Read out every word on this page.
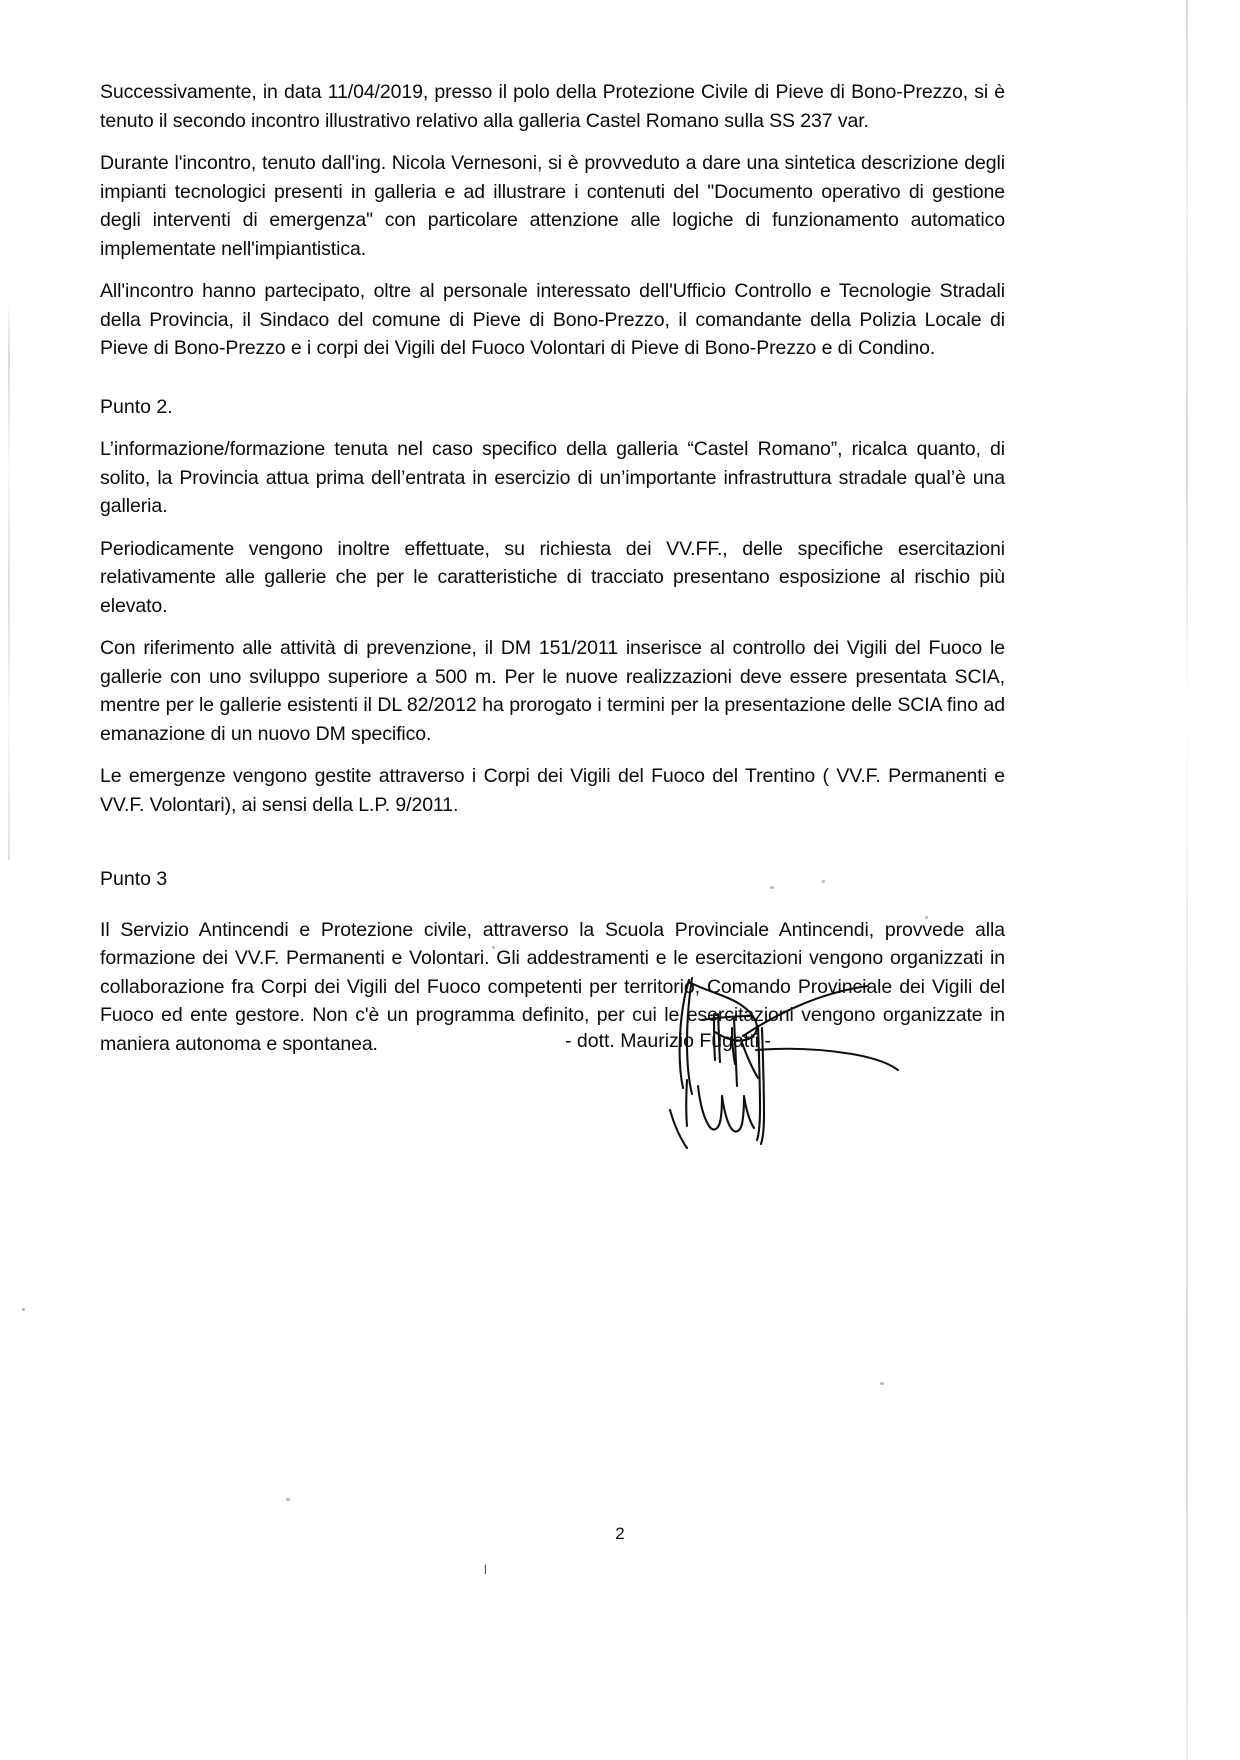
Successivamente, in data 11/04/2019, presso il polo della Protezione Civile di Pieve di Bono-Prezzo, si è tenuto il secondo incontro illustrativo relativo alla galleria Castel Romano sulla SS 237 var.

Durante l'incontro, tenuto dall'ing. Nicola Vernesoni, si è provveduto a dare una sintetica descrizione degli impianti tecnologici presenti in galleria e ad illustrare i contenuti del "Documento operativo di gestione degli interventi di emergenza" con particolare attenzione alle logiche di funzionamento automatico implementate nell'impiantistica.

All'incontro hanno partecipato, oltre al personale interessato dell'Ufficio Controllo e Tecnologie Stradali della Provincia, il Sindaco del comune di Pieve di Bono-Prezzo, il comandante della Polizia Locale di Pieve di Bono-Prezzo e i corpi dei Vigili del Fuoco Volontari di Pieve di Bono-Prezzo e di Condino.

Punto 2.

L’informazione/formazione tenuta nel caso specifico della galleria “Castel Romano”, ricalca quanto, di solito, la Provincia attua prima dell’entrata in esercizio di un’importante infrastruttura stradale qual’è una galleria.

Periodicamente vengono inoltre effettuate, su richiesta dei VV.FF., delle specifiche esercitazioni relativamente alle gallerie che per le caratteristiche di tracciato presentano esposizione al rischio più elevato.

Con riferimento alle attività di prevenzione, il DM 151/2011 inserisce al controllo dei Vigili del Fuoco le gallerie con uno sviluppo superiore a 500 m. Per le nuove realizzazioni deve essere presentata SCIA, mentre per le gallerie esistenti il DL 82/2012 ha prorogato i termini per la presentazione delle SCIA fino ad emanazione di un nuovo DM specifico.

Le emergenze vengono gestite attraverso i Corpi dei Vigili del Fuoco del Trentino ( VV.F. Permanenti e VV.F. Volontari), ai sensi della L.P. 9/2011.

Punto 3

Il Servizio Antincendi e Protezione civile, attraverso la Scuola Provinciale Antincendi, provvede alla formazione dei VV.F. Permanenti e Volontari. Gli addestramenti e le esercitazioni vengono organizzati in collaborazione fra Corpi dei Vigili del Fuoco competenti per territorio, Comando Provinciale dei Vigili del Fuoco ed ente gestore. Non c'è un programma definito, per cui le esercitazioni vengono organizzate in maniera autonoma e spontanea.	- dott. Maurizio Fugatti -
2
l
